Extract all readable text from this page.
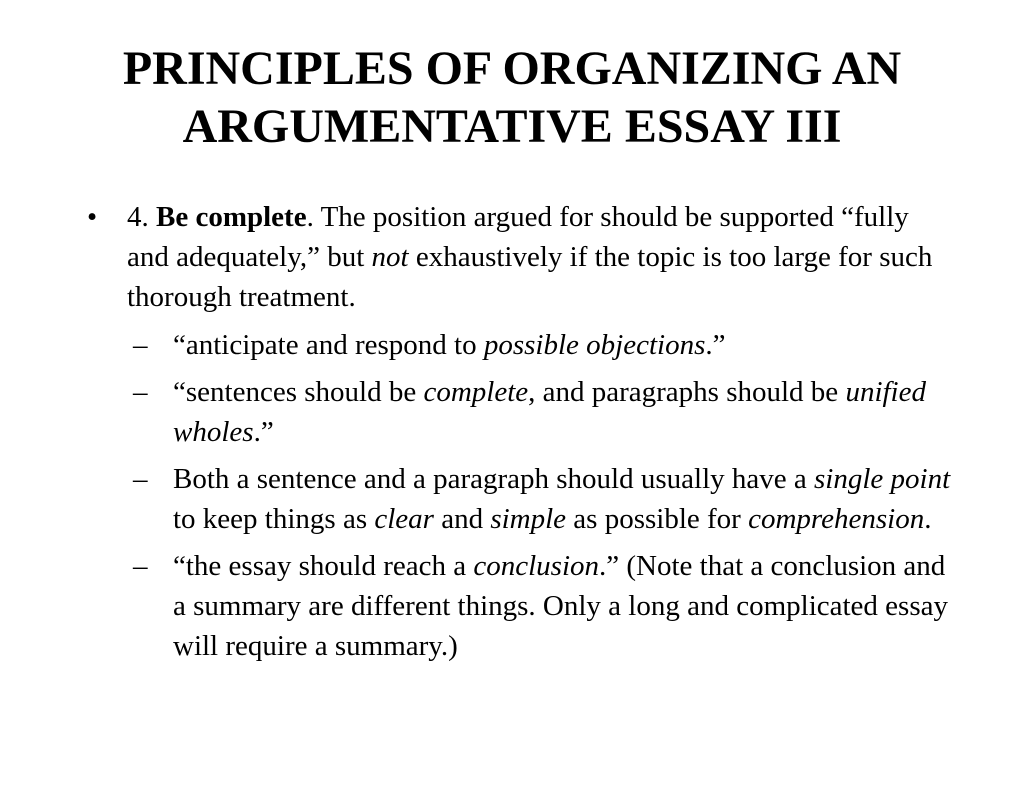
PRINCIPLES OF ORGANIZING AN
ARGUMENTATIVE ESSAY III
• 4. Be complete. The position argued for should be supported “fully and adequately,” but not exhaustively if the topic is too large for such thorough treatment.
– “anticipate and respond to possible objections.”
– “sentences should be complete, and paragraphs should be unified wholes.”
– Both a sentence and a paragraph should usually have a single point to keep things as clear and simple as possible for comprehension.
– “the essay should reach a conclusion.” (Note that a conclusion and a summary are different things. Only a long and complicated essay will require a summary.)
